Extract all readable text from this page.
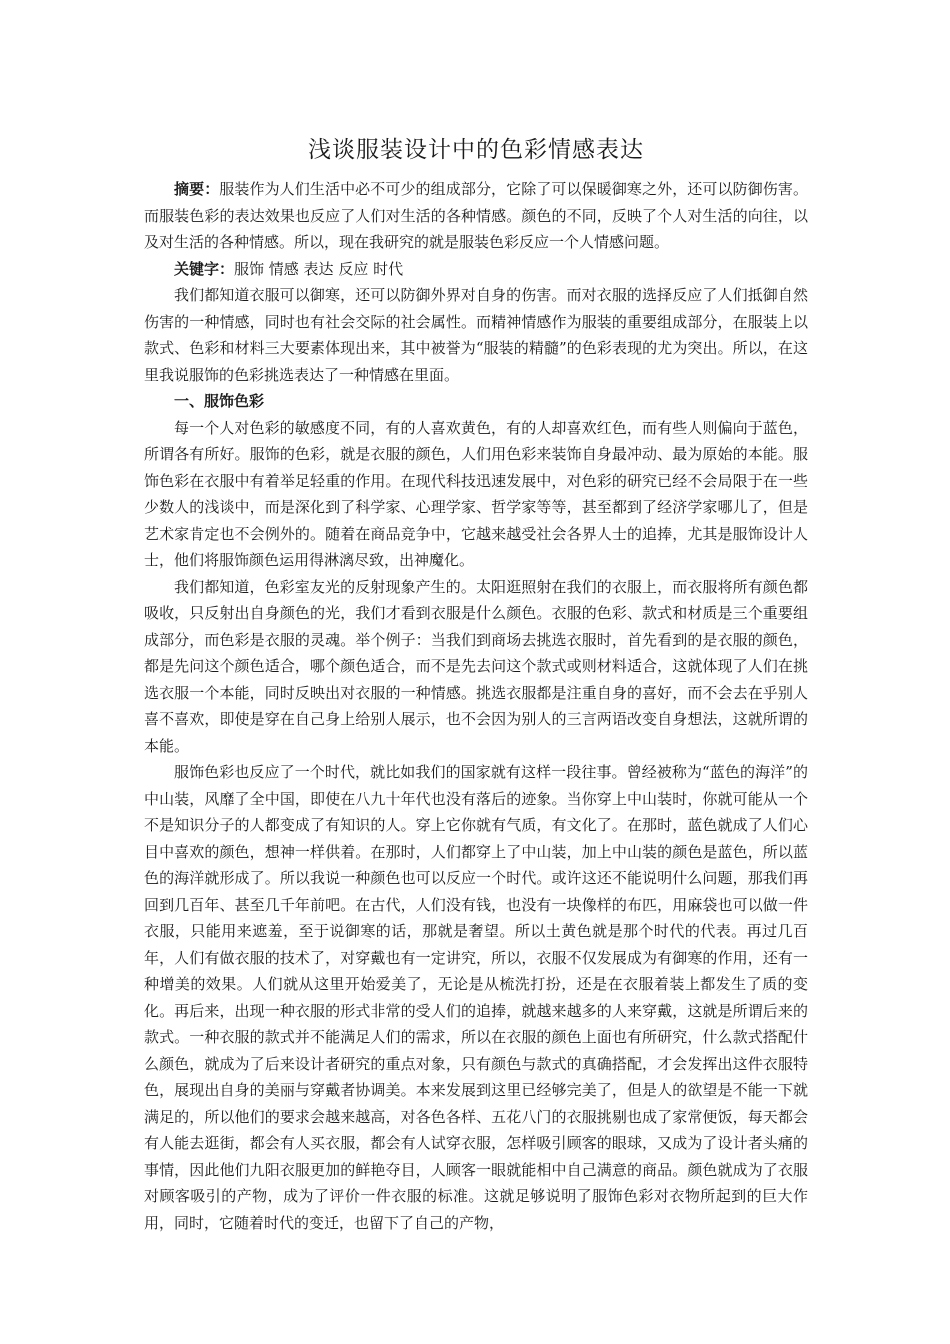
浅谈服装设计中的色彩情感表达

摘要：服装作为人们生活中必不可少的组成部分，它除了可以保暖御寒之外，还可以防御伤害。而服装色彩的表达效果也反应了人们对生活的各种情感。颜色的不同，反映了个人对生活的向往，以及对生活的各种情感。所以，现在我研究的就是服装色彩反应一个人情感问题。

关键字：服饰 情感 表达 反应 时代

我们都知道衣服可以御寒，还可以防御外界对自身的伤害。而对衣服的选择反应了人们抵御自然伤害的一种情感，同时也有社会交际的社会属性。而精神情感作为服装的重要组成部分，在服装上以款式、色彩和材料三大要素体现出来，其中被誉为“服装的精髓”的色彩表现的尤为突出。所以，在这里我说服饰的色彩挑选表达了一种情感在里面。

一、服饰色彩

每一个人对色彩的敏感度不同，有的人喜欢黄色，有的人却喜欢红色，而有些人则偏向于蓝色，所谓各有所好。服饰的色彩，就是衣服的颜色，人们用色彩来装饰自身最冲动、最为原始的本能。服饰色彩在衣服中有着举足轻重的作用。在现代科技迅速发展中，对色彩的研究已经不会局限于在一些少数人的浅谈中，而是深化到了科学家、心理学家、哲学家等等，甚至都到了经济学家哪儿了，但是艺术家肯定也不会例外的。随着在商品竞争中，它越来越受社会各界人士的追捧，尤其是服饰设计人士，他们将服饰颜色运用得淋漓尽致，出神魔化。

我们都知道，色彩室友光的反射现象产生的。太阳逛照射在我们的衣服上，而衣服将所有颜色都吸收，只反射出自身颜色的光，我们才看到衣服是什么颜色。衣服的色彩、款式和材质是三个重要组成部分，而色彩是衣服的灵魂。举个例子：当我们到商场去挑选衣服时，首先看到的是衣服的颜色，都是先问这个颜色适合，哪个颜色适合，而不是先去问这个款式或则材料适合，这就体现了人们在挑选衣服一个本能，同时反映出对衣服的一种情感。挑选衣服都是注重自身的喜好，而不会去在乎别人喜不喜欢，即使是穿在自己身上给别人展示，也不会因为别人的三言两语改变自身想法，这就所谓的本能。

服饰色彩也反应了一个时代，就比如我们的国家就有这样一段往事。曾经被称为“蓝色的海洋”的中山装，风靡了全中国，即使在八九十年代也没有落后的迹象。当你穿上中山装时，你就可能从一个不是知识分子的人都变成了有知识的人。穿上它你就有气质，有文化了。在那时，蓝色就成了人们心目中喜欢的颜色，想神一样供着。在那时，人们都穿上了中山装，加上中山装的颜色是蓝色，所以蓝色的海洋就形成了。所以我说一种颜色也可以反应一个时代。或许这还不能说明什么问题，那我们再回到几百年、甚至几千年前吧。在古代，人们没有钱，也没有一块像样的布匹，用麻袋也可以做一件衣服，只能用来遮羞，至于说御寒的话，那就是奢望。所以土黄色就是那个时代的代表。再过几百年，人们有做衣服的技术了，对穿戴也有一定讲究，所以，衣服不仅发展成为有御寒的作用，还有一种增美的效果。人们就从这里开始爱美了，无论是从梳洗打扮，还是在衣服着装上都发生了质的变化。再后来，出现一种衣服的形式非常的受人们的追捧，就越来越多的人来穿戴，这就是所谓后来的款式。一种衣服的款式并不能满足人们的需求，所以在衣服的颜色上面也有所研究，什么款式搭配什么颜色，就成为了后来设计者研究的重点对象，只有颜色与款式的真确搭配，才会发挥出这件衣服特色，展现出自身的美丽与穿戴者协调美。本来发展到这里已经够完美了，但是人的欲望是不能一下就满足的，所以他们的要求会越来越高，对各色各样、五花八门的衣服挑剔也成了家常便饭，每天都会有人能去逛街，都会有人买衣服，都会有人试穿衣服，怎样吸引顾客的眼球，又成为了设计者头痛的事情，因此他们九阳衣服更加的鲜艳夺目，人顾客一眼就能相中自己满意的商品。颜色就成为了衣服对顾客吸引的产物，成为了评价一件衣服的标准。这就足够说明了服饰色彩对衣物所起到的巨大作用，同时，它随着时代的变迁，也留下了自己的产物，
